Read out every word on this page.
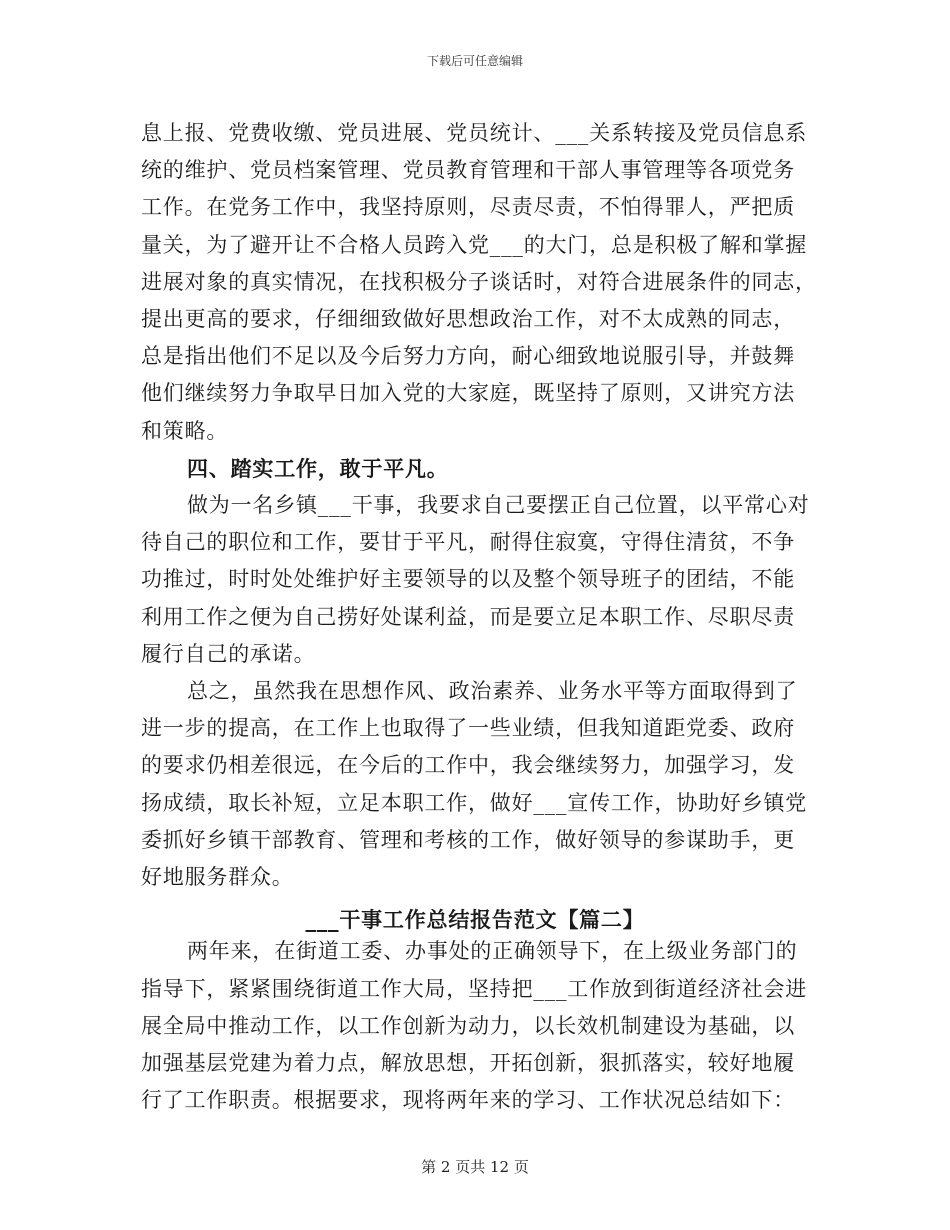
下载后可任意编辑
息上报、党费收缴、党员进展、党员统计、___关系转接及党员信息系
统的维护、党员档案管理、党员教育管理和干部人事管理等各项党务
工作。在党务工作中，我坚持原则，尽责尽责，不怕得罪人，严把质
量关，为了避开让不合格人员跨入党___的大门，总是积极了解和掌握
进展对象的真实情况，在找积极分子谈话时，对符合进展条件的同志，
提出更高的要求，仔细细致做好思想政治工作，对不太成熟的同志，
总是指出他们不足以及今后努力方向，耐心细致地说服引导，并鼓舞
他们继续努力争取早日加入党的大家庭，既坚持了原则，又讲究方法
和策略。
四、踏实工作，敢于平凡。
做为一名乡镇___干事，我要求自己要摆正自己位置，以平常心对
待自己的职位和工作，要甘于平凡，耐得住寂寞，守得住清贫，不争
功推过，时时处处维护好主要领导的以及整个领导班子的团结，不能
利用工作之便为自己捞好处谋利益，而是要立足本职工作、尽职尽责
履行自己的承诺。
总之，虽然我在思想作风、政治素养、业务水平等方面取得到了
进一步的提高，在工作上也取得了一些业绩，但我知道距党委、政府
的要求仍相差很远，在今后的工作中，我会继续努力，加强学习，发
扬成绩，取长补短，立足本职工作，做好___宣传工作，协助好乡镇党
委抓好乡镇干部教育、管理和考核的工作，做好领导的参谋助手，更
好地服务群众。
___干事工作总结报告范文【篇二】
两年来，在街道工委、办事处的正确领导下，在上级业务部门的
指导下，紧紧围绕街道工作大局，坚持把___工作放到街道经济社会进
展全局中推动工作，以工作创新为动力，以长效机制建设为基础，以
加强基层党建为着力点，解放思想，开拓创新，狠抓落实，较好地履
行了工作职责。根据要求，现将两年来的学习、工作状况总结如下：
第 2 页共 12 页
